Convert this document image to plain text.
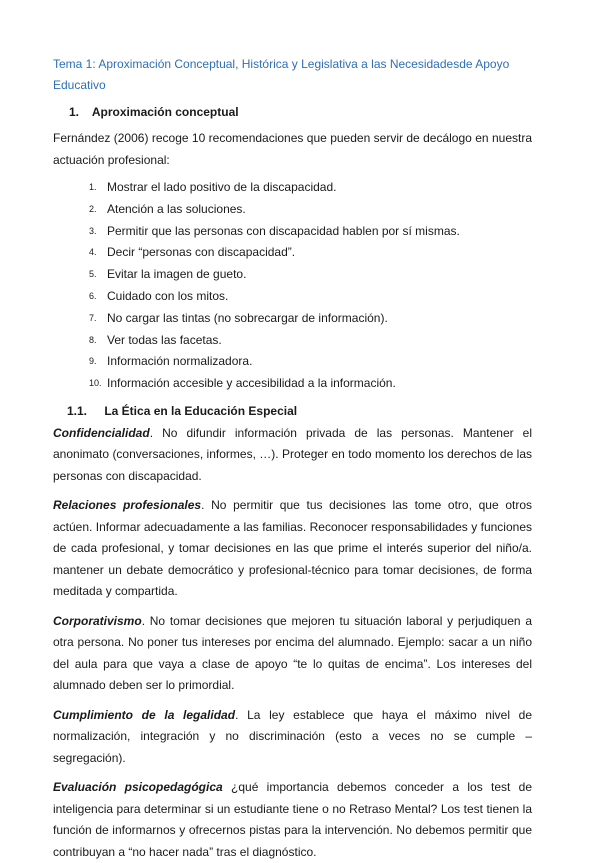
Tema 1: Aproximación Conceptual, Histórica y Legislativa a las Necesidadesde Apoyo Educativo

1. Aproximación conceptual

Fernández (2006) recoge 10 recomendaciones que pueden servir de decálogo en nuestra actuación profesional:

1. Mostrar el lado positivo de la discapacidad.
2. Atención a las soluciones.
3. Permitir que las personas con discapacidad hablen por sí mismas.
4. Decir “personas con discapacidad”.
5. Evitar la imagen de gueto.
6. Cuidado con los mitos.
7. No cargar las tintas (no sobrecargar de información).
8. Ver todas las facetas.
9. Información normalizadora.
10. Información accesible y accesibilidad a la información.
1.1. La Ética en la Educación Especial

Confidencialidad. No difundir información privada de las personas. Mantener el anonimato (conversaciones, informes, …). Proteger en todo momento los derechos de las personas con discapacidad.

Relaciones profesionales. No permitir que tus decisiones las tome otro, que otros actúen. Informar adecuadamente a las familias. Reconocer responsabilidades y funciones de cada profesional, y tomar decisiones en las que prime el interés superior del niño/a. mantener un debate democrático y profesional-técnico para tomar decisiones, de forma meditada y compartida.

Corporativismo. No tomar decisiones que mejoren tu situación laboral y perjudiquen a otra persona. No poner tus intereses por encima del alumnado. Ejemplo: sacar a un niño del aula para que vaya a clase de apoyo “te lo quitas de encima”. Los intereses del alumnado deben ser lo primordial.

Cumplimiento de la legalidad. La ley establece que haya el máximo nivel de normalización, integración y no discriminación (esto a veces no se cumple – segregación).

Evaluación psicopedagógica ¿qué importancia debemos conceder a los test de inteligencia para determinar si un estudiante tiene o no Retraso Mental? Los test tienen la función de informarnos y ofrecernos pistas para la intervención. No debemos permitir que contribuyan a “no hacer nada” tras el diagnóstico.
